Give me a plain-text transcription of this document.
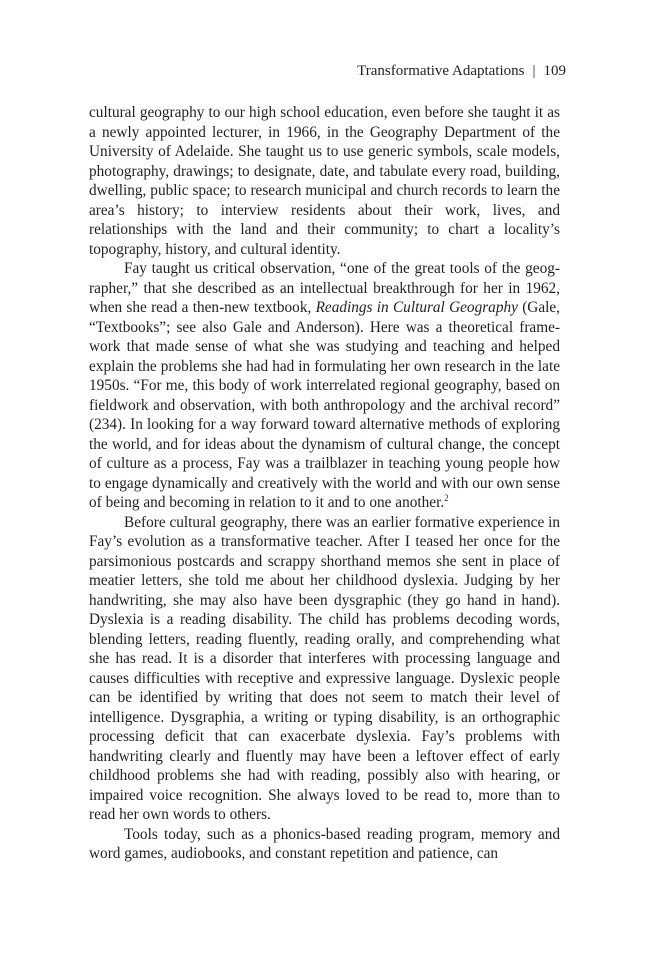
Transformative Adaptations | 109

cultural geography to our high school education, even before she taught it as a newly appointed lecturer, in 1966, in the Geography Department of the University of Adelaide. She taught us to use generic symbols, scale models, photography, drawings; to designate, date, and tabulate every road, building, dwelling, public space; to research municipal and church records to learn the area’s history; to interview residents about their work, lives, and relationships with the land and their community; to chart a locality’s topography, history, and cultural identity.

Fay taught us critical observation, “one of the great tools of the geographer,” that she described as an intellectual breakthrough for her in 1962, when she read a then-new textbook, Readings in Cultural Geography (Gale, “Textbooks”; see also Gale and Anderson). Here was a theoretical framework that made sense of what she was studying and teaching and helped explain the problems she had had in formulating her own research in the late 1950s. “For me, this body of work interrelated regional geography, based on fieldwork and observation, with both anthropology and the archival record” (234). In looking for a way forward toward alternative methods of exploring the world, and for ideas about the dynamism of cultural change, the concept of culture as a process, Fay was a trailblazer in teaching young people how to engage dynamically and creatively with the world and with our own sense of being and becoming in relation to it and to one another.$^2$

Before cultural geography, there was an earlier formative experience in Fay’s evolution as a transformative teacher. After I teased her once for the parsimonious postcards and scrappy shorthand memos she sent in place of meatier letters, she told me about her childhood dyslexia. Judging by her handwriting, she may also have been dysgraphic (they go hand in hand). Dyslexia is a reading disability. The child has problems decoding words, blending letters, reading fluently, reading orally, and comprehending what she has read. It is a disorder that interferes with processing language and causes difficulties with receptive and expressive language. Dyslexic people can be identified by writing that does not seem to match their level of intelligence. Dysgraphia, a writing or typing disability, is an orthographic processing deficit that can exacerbate dyslexia. Fay’s problems with handwriting clearly and fluently may have been a leftover effect of early childhood problems she had with reading, possibly also with hearing, or impaired voice recognition. She always loved to be read to, more than to read her own words to others.

Tools today, such as a phonics-based reading program, memory and word games, audiobooks, and constant repetition and patience, can
